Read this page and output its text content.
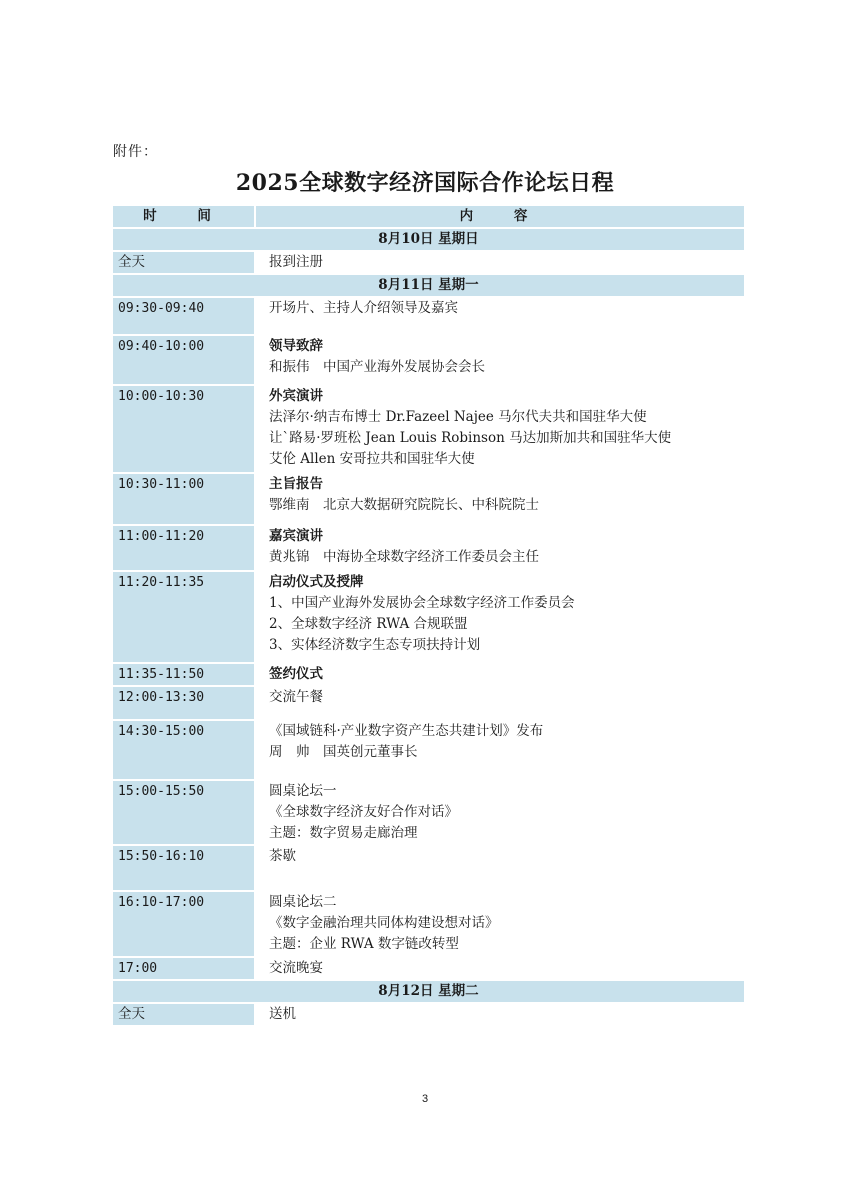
附件：
2025全球数字经济国际合作论坛日程
时 间	内 容
8月10日 星期日	
全天	报到注册

8月11日 星期一	
09:30-09:40	开场片、主持人介绍领导及嘉宾

09:40-10:00	领导致辞
和振伟　中国产业海外发展协会会长

10:00-10:30	外宾演讲
法泽尔·纳吉布博士 Dr.Fazeel Najee 马尔代夫共和国驻华大使
让`路易·罗班松 Jean Louis Robinson 马达加斯加共和国驻华大使
艾伦 Allen 安哥拉共和国驻华大使

10:30-11:00	主旨报告
鄂维南　北京大数据研究院院长、中科院院士

11:00-11:20	嘉宾演讲
黄兆锦　中海协全球数字经济工作委员会主任

11:20-11:35	启动仪式及授牌
1、中国产业海外发展协会全球数字经济工作委员会
2、全球数字经济 RWA 合规联盟
3、实体经济数字生态专项扶持计划

11:35-11:50	签约仪式

12:00-13:30	交流午餐

14:30-15:00	《国域链科·产业数字资产生态共建计划》发布
周　帅　国英创元董事长

15:00-15:50	圆桌论坛一
《全球数字经济友好合作对话》
主题：数字贸易走廊治理

15:50-16:10	茶歇

16:10-17:00	圆桌论坛二
《数字金融治理共同体构建设想对话》
主题：企业 RWA 数字链改转型

17:00	交流晚宴

8月12日 星期二	
全天	送机
3
